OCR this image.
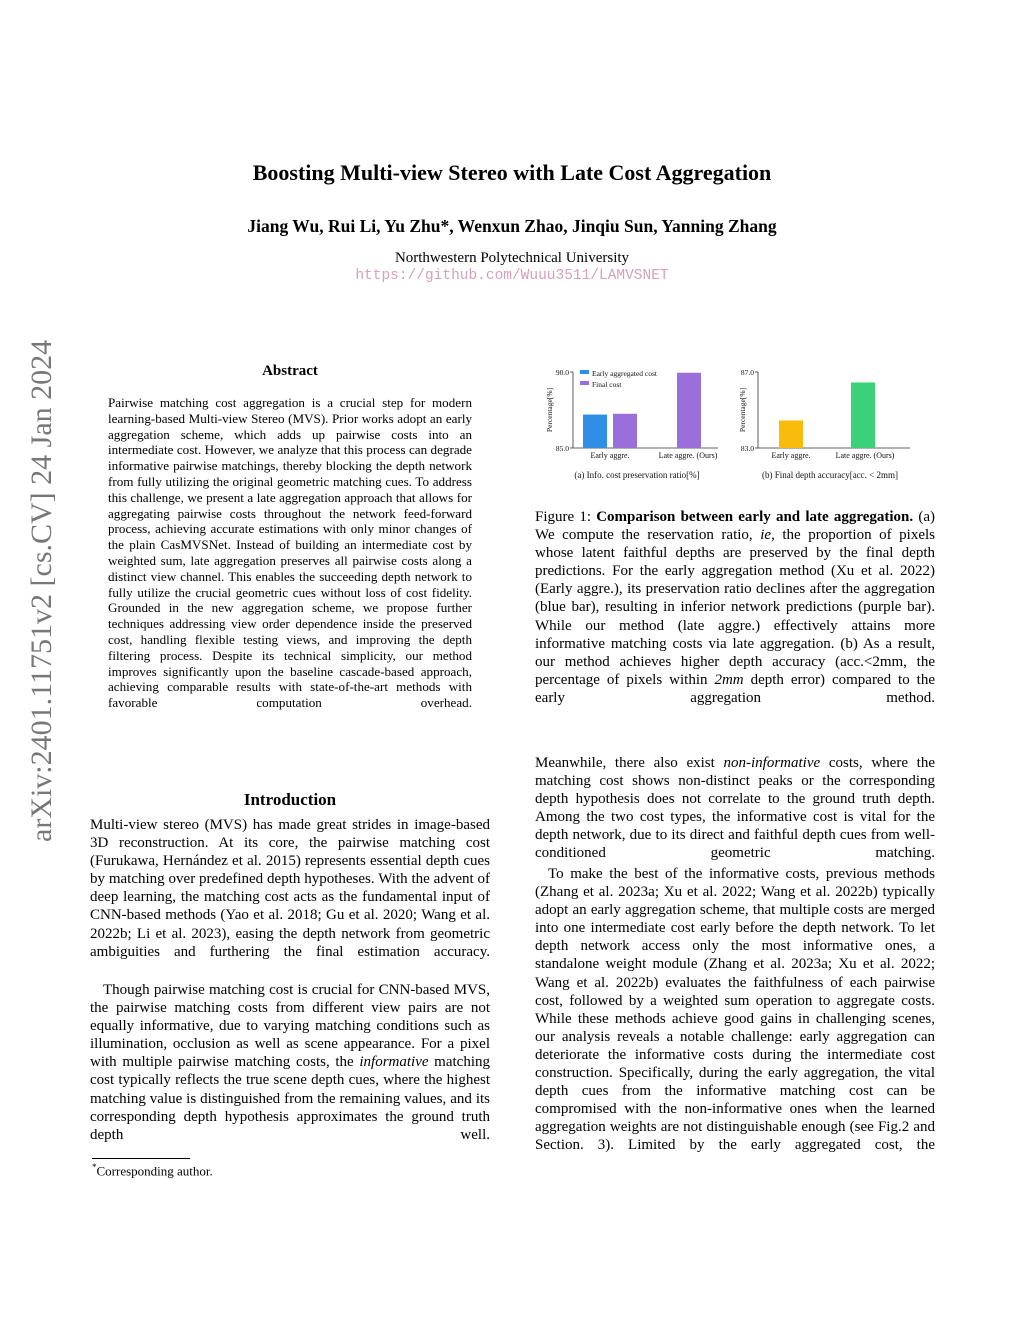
arXiv:2401.11751v2 [cs.CV] 24 Jan 2024
Boosting Multi-view Stereo with Late Cost Aggregation
Jiang Wu, Rui Li, Yu Zhu*, Wenxun Zhao, Jinqiu Sun, Yanning Zhang
Northwestern Polytechnical University
https://github.com/Wuuu3511/LAMVSNET
Abstract

Pairwise matching cost aggregation is a crucial step for modern learning-based Multi-view Stereo (MVS). Prior works adopt an early aggregation scheme, which adds up pairwise costs into an intermediate cost. However, we analyze that this process can degrade informative pairwise matchings, thereby blocking the depth network from fully utilizing the original geometric matching cues. To address this challenge, we present a late aggregation approach that allows for aggregating pairwise costs throughout the network feed-forward process, achieving accurate estimations with only minor changes of the plain CasMVSNet. Instead of building an intermediate cost by weighted sum, late aggregation preserves all pairwise costs along a distinct view channel. This enables the succeeding depth network to fully utilize the crucial geometric cues without loss of cost fidelity. Grounded in the new aggregation scheme, we propose further techniques addressing view order dependence inside the preserved cost, handling flexible testing views, and improving the depth filtering process. Despite its technical simplicity, our method improves significantly upon the baseline cascade-based approach, achieving comparable results with state-of-the-art methods with favorable computation overhead.

Introduction

Multi-view stereo (MVS) has made great strides in image-based 3D reconstruction. At its core, the pairwise matching cost (Furukawa, Hernández et al. 2015) represents essential depth cues by matching over predefined depth hypotheses. With the advent of deep learning, the matching cost acts as the fundamental input of CNN-based methods (Yao et al. 2018; Gu et al. 2020; Wang et al. 2022b; Li et al. 2023), easing the depth network from geometric ambiguities and furthering the final estimation accuracy.

Though pairwise matching cost is crucial for CNN-based MVS, the pairwise matching costs from different view pairs are not equally informative, due to varying matching conditions such as illumination, occlusion as well as scene appearance. For a pixel with multiple pairwise matching costs, the informative matching cost typically reflects the true scene depth cues, where the highest matching value is distinguished from the remaining values, and its corresponding depth hypothesis approximates the ground truth depth well.

*Corresponding author.
85.0
90.0
Percentage[%]
Early aggre.	Late aggre. (Ours)
Early aggregated cost
Final cost
(a) Info. cost preservation ratio[%]
83.0
87.0
Percentage[%]
Early aggre.	Late aggre. (Ours)
(b) Final depth accuracy[acc. < 2mm]

Figure 1: Comparison between early and late aggregation. (a) We compute the reservation ratio, ie, the proportion of pixels whose latent faithful depths are preserved by the final depth predictions. For the early aggregation method (Xu et al. 2022) (Early aggre.), its preservation ratio declines after the aggregation (blue bar), resulting in inferior network predictions (purple bar). While our method (late aggre.) effectively attains more informative matching costs via late aggregation. (b) As a result, our method achieves higher depth accuracy (acc.<2mm, the percentage of pixels within 2mm depth error) compared to the early aggregation method.

Meanwhile, there also exist non-informative costs, where the matching cost shows non-distinct peaks or the corresponding depth hypothesis does not correlate to the ground truth depth. Among the two cost types, the informative cost is vital for the depth network, due to its direct and faithful depth cues from well-conditioned geometric matching.

To make the best of the informative costs, previous methods (Zhang et al. 2023a; Xu et al. 2022; Wang et al. 2022b) typically adopt an early aggregation scheme, that multiple costs are merged into one intermediate cost early before the depth network. To let depth network access only the most informative ones, a standalone weight module (Zhang et al. 2023a; Xu et al. 2022; Wang et al. 2022b) evaluates the faithfulness of each pairwise cost, followed by a weighted sum operation to aggregate costs. While these methods achieve good gains in challenging scenes, our analysis reveals a notable challenge: early aggregation can deteriorate the informative costs during the intermediate cost construction. Specifically, during the early aggregation, the vital depth cues from the informative matching cost can be compromised with the non-informative ones when the learned aggregation weights are not distinguishable enough (see Fig.2 and Section. 3). Limited by the early aggregated cost, the
